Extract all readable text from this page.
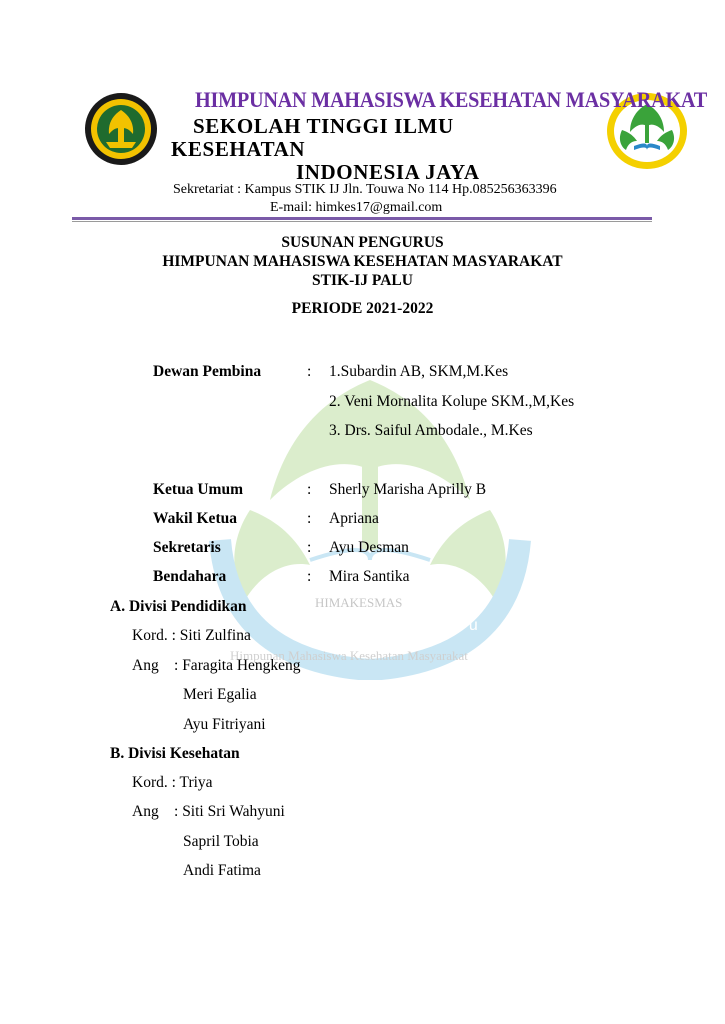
HIMAKESMAS
STIK-IJ Palu
Himpunan Mahasiswa Kesehatan Masyarakat
HIMPUNAN MAHASISWA KESEHATAN MASYARAKAT
SEKOLAH TINGGI ILMU
KESEHATAN
INDONESIA JAYA
Sekretariat : Kampus STIK IJ Jln. Touwa No 114 Hp.085256363396
E-mail: himkes17@gmail.com
SUSUNAN PENGURUS
HIMPUNAN MAHASISWA KESEHATAN MASYARAKAT
STIK-IJ PALU
PERIODE 2021-2022
Dewan Pembina	: 1.Subardin AB, SKM,M.Kes
2. Veni Mornalita Kolupe SKM.,M,Kes
3. Drs. Saiful Ambodale., M.Kes
Ketua Umum	: Sherly Marisha Aprilly B
Wakil Ketua	: Apriana
Sekretaris	: Ayu Desman
Bendahara	: Mira Santika
A. Divisi Pendidikan
Kord. : Siti Zulfina
Ang : Faragita Hengkeng
Meri Egalia
Ayu Fitriyani
B. Divisi Kesehatan
Kord. : Triya
Ang : Siti Sri Wahyuni
Sapril Tobia
Andi Fatima
